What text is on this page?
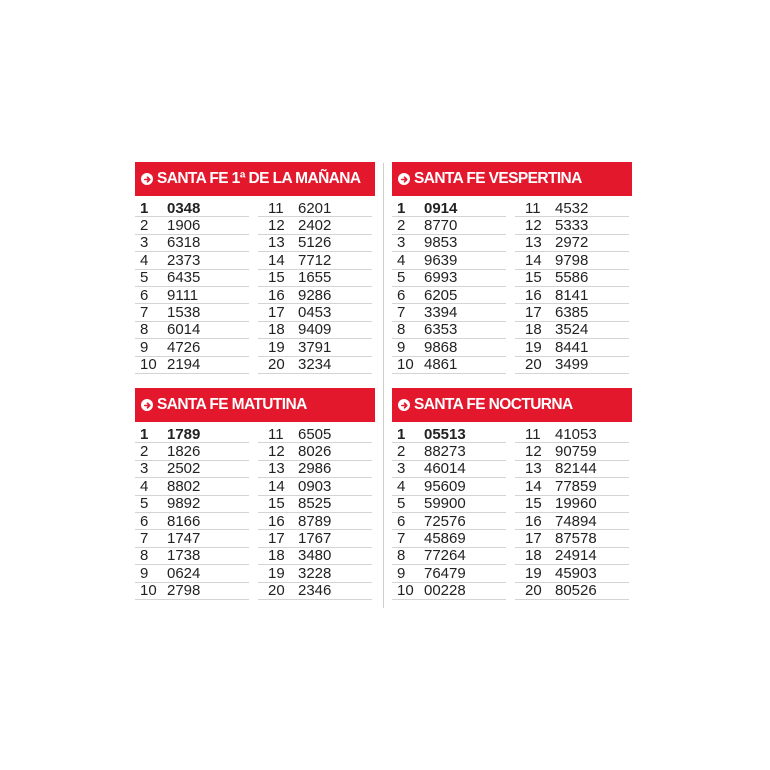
SANTA FE 1ª DE LA MAÑANA
1	0348
2	1906
3	6318
4	2373
5	6435
6	9111
7	1538
8	6014
9	4726
10 2194
11 6201
12 2402
13 5126
14 7712
15 1655
16 9286
17 0453
18 9409
19 3791
20 3234
SANTA FE VESPERTINA
1	0914
2	8770
3	9853
4	9639
5	6993
6	6205
7	3394
8	6353
9	9868
10 4861
11 4532
12 5333
13 2972
14 9798
15 5586
16 8141
17 6385
18 3524
19 8441
20 3499
SANTA FE MATUTINA
1	1789
2	1826
3	2502
4	8802
5	9892
6	8166
7	1747
8	1738
9	0624
10 2798
11 6505
12 8026
13 2986
14 0903
15 8525
16 8789
17 1767
18 3480
19 3228
20 2346
SANTA FE NOCTURNA
1	05513
2	88273
3	46014
4	95609
5	59900
6	72576
7	45869
8	77264
9	76479
10 00228
11 41053
12 90759
13 82144
14 77859
15 19960
16 74894
17 87578
18 24914
19 45903
20 80526
